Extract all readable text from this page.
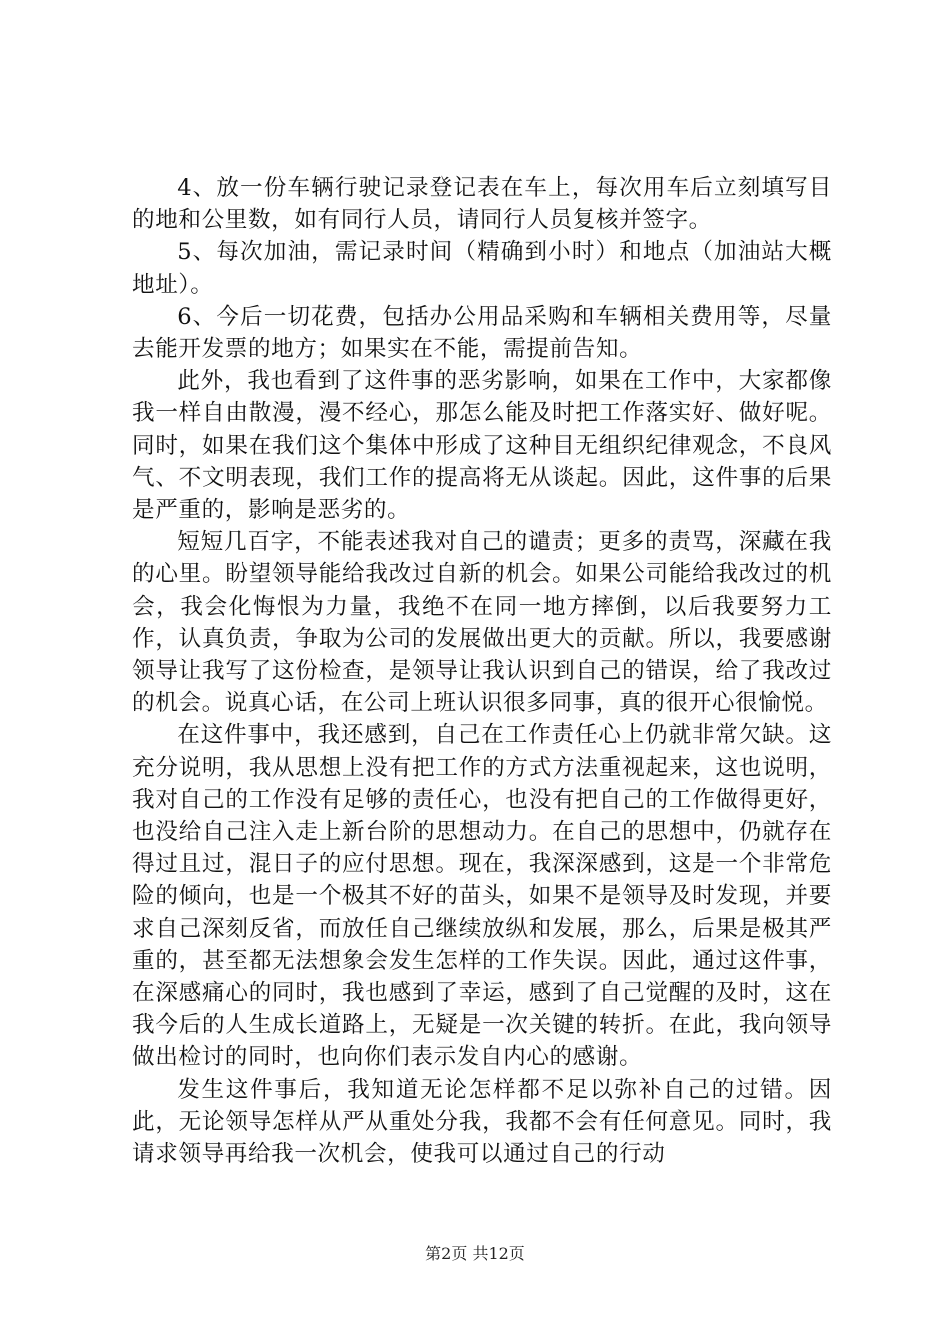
4、放一份车辆行驶记录登记表在车上，每次用车后立刻填写目的地和公里数，如有同行人员，请同行人员复核并签字。

5、每次加油，需记录时间（精确到小时）和地点（加油站大概地址）。

6、今后一切花费，包括办公用品采购和车辆相关费用等，尽量去能开发票的地方；如果实在不能，需提前告知。

此外，我也看到了这件事的恶劣影响，如果在工作中，大家都像我一样自由散漫，漫不经心，那怎么能及时把工作落实好、做好呢。同时，如果在我们这个集体中形成了这种目无组织纪律观念，不良风气、不文明表现，我们工作的提高将无从谈起。因此，这件事的后果是严重的，影响是恶劣的。

短短几百字，不能表述我对自己的谴责；更多的责骂，深藏在我的心里。盼望领导能给我改过自新的机会。如果公司能给我改过的机会，我会化悔恨为力量，我绝不在同一地方摔倒，以后我要努力工作，认真负责，争取为公司的发展做出更大的贡献。所以，我要感谢领导让我写了这份检查，是领导让我认识到自己的错误，给了我改过的机会。说真心话，在公司上班认识很多同事，真的很开心很愉悦。

在这件事中，我还感到，自己在工作责任心上仍就非常欠缺。这充分说明，我从思想上没有把工作的方式方法重视起来，这也说明，我对自己的工作没有足够的责任心，也没有把自己的工作做得更好，也没给自己注入走上新台阶的思想动力。在自己的思想中，仍就存在得过且过，混日子的应付思想。现在，我深深感到，这是一个非常危险的倾向，也是一个极其不好的苗头，如果不是领导及时发现，并要求自己深刻反省，而放任自己继续放纵和发展，那么，后果是极其严重的，甚至都无法想象会发生怎样的工作失误。因此，通过这件事，在深感痛心的同时，我也感到了幸运，感到了自己觉醒的及时，这在我今后的人生成长道路上，无疑是一次关键的转折。在此，我向领导做出检讨的同时，也向你们表示发自内心的感谢。

发生这件事后，我知道无论怎样都不足以弥补自己的过错。因此，无论领导怎样从严从重处分我，我都不会有任何意见。同时，我请求领导再给我一次机会，使我可以通过自己的行动

第2页 共12页
